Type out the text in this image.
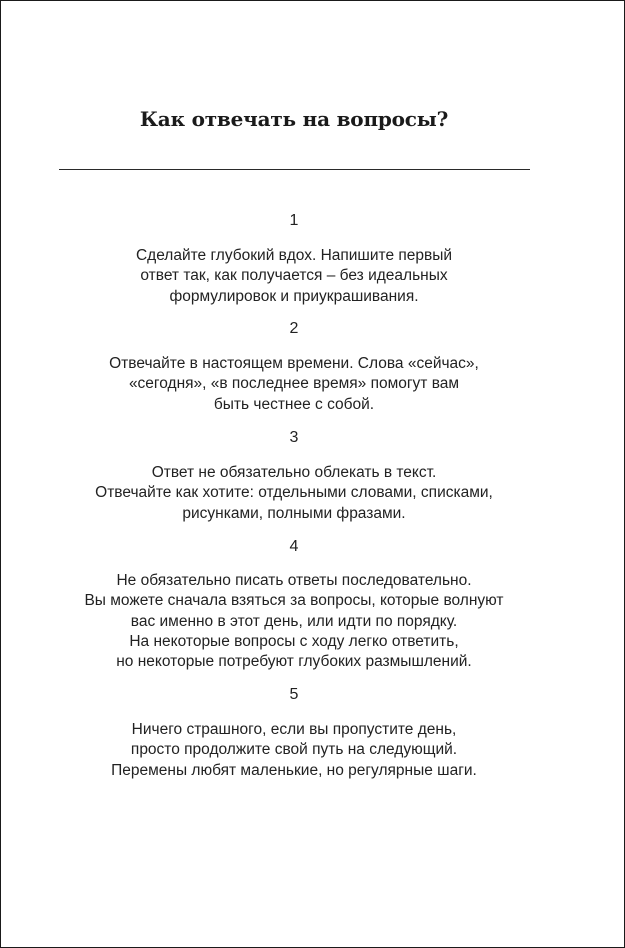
Как отвечать на вопросы?
1
Сделайте глубокий вдох. Напишите первый
ответ так, как получается – без идеальных
формулировок и приукрашивания.
2
Отвечайте в настоящем времени. Слова «сейчас»,
«сегодня», «в последнее время» помогут вам
быть честнее с собой.
3
Ответ не обязательно облекать в текст.
Отвечайте как хотите: отдельными словами, списками,
рисунками, полными фразами.
4
Не обязательно писать ответы последовательно.
Вы можете сначала взяться за вопросы, которые волнуют
вас именно в этот день, или идти по порядку.
На некоторые вопросы с ходу легко ответить,
но некоторые потребуют глубоких размышлений.
5
Ничего страшного, если вы пропустите день,
просто продолжите свой путь на следующий.
Перемены любят маленькие, но регулярные шаги.
